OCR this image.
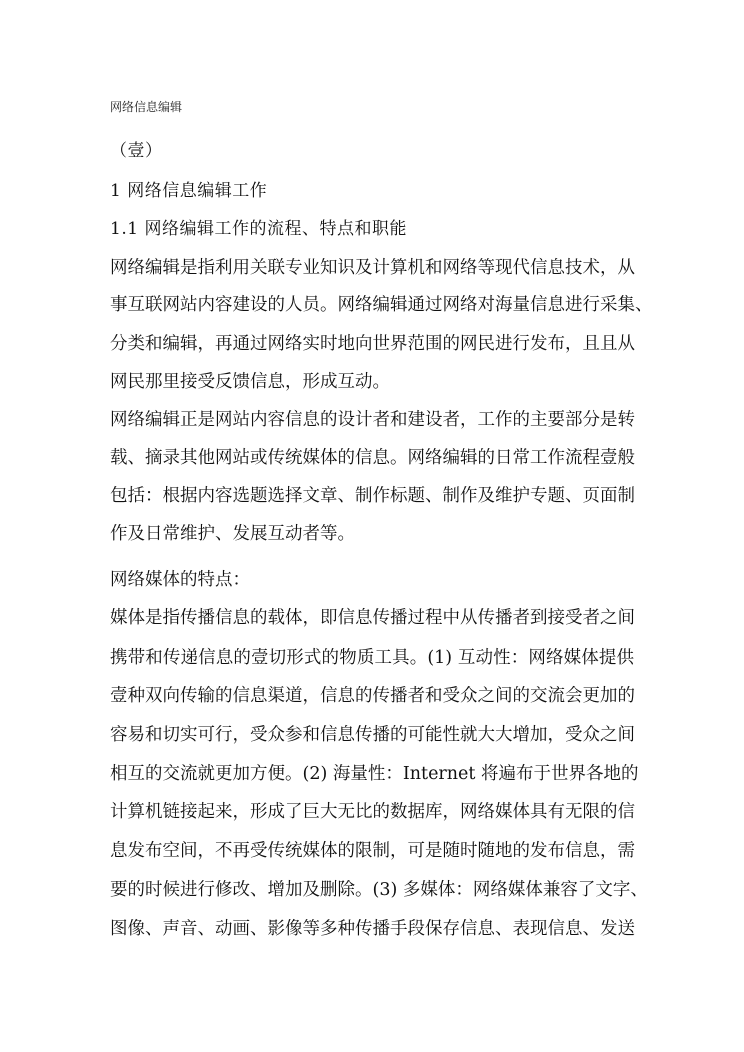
网络信息编辑
（壹）
1 网络信息编辑工作
1.1 网络编辑工作的流程、特点和职能
网络编辑是指利用关联专业知识及计算机和网络等现代信息技术，从
事互联网站内容建设的人员。网络编辑通过网络对海量信息进行采集、
分类和编辑，再通过网络实时地向世界范围的网民进行发布，且且从
网民那里接受反馈信息，形成互动。
网络编辑正是网站内容信息的设计者和建设者，工作的主要部分是转
载、摘录其他网站或传统媒体的信息。网络编辑的日常工作流程壹般
包括：根据内容选题选择文章、制作标题、制作及维护专题、页面制
作及日常维护、发展互动者等。
网络媒体的特点：
媒体是指传播信息的载体，即信息传播过程中从传播者到接受者之间
携带和传递信息的壹切形式的物质工具。(1) 互动性：网络媒体提供
壹种双向传输的信息渠道，信息的传播者和受众之间的交流会更加的
容易和切实可行，受众参和信息传播的可能性就大大增加，受众之间
相互的交流就更加方便。(2) 海量性：Internet 将遍布于世界各地的
计算机链接起来，形成了巨大无比的数据库，网络媒体具有无限的信
息发布空间，不再受传统媒体的限制，可是随时随地的发布信息，需
要的时候进行修改、增加及删除。(3) 多媒体：网络媒体兼容了文字、
图像、声音、动画、影像等多种传播手段保存信息、表现信息、发送
